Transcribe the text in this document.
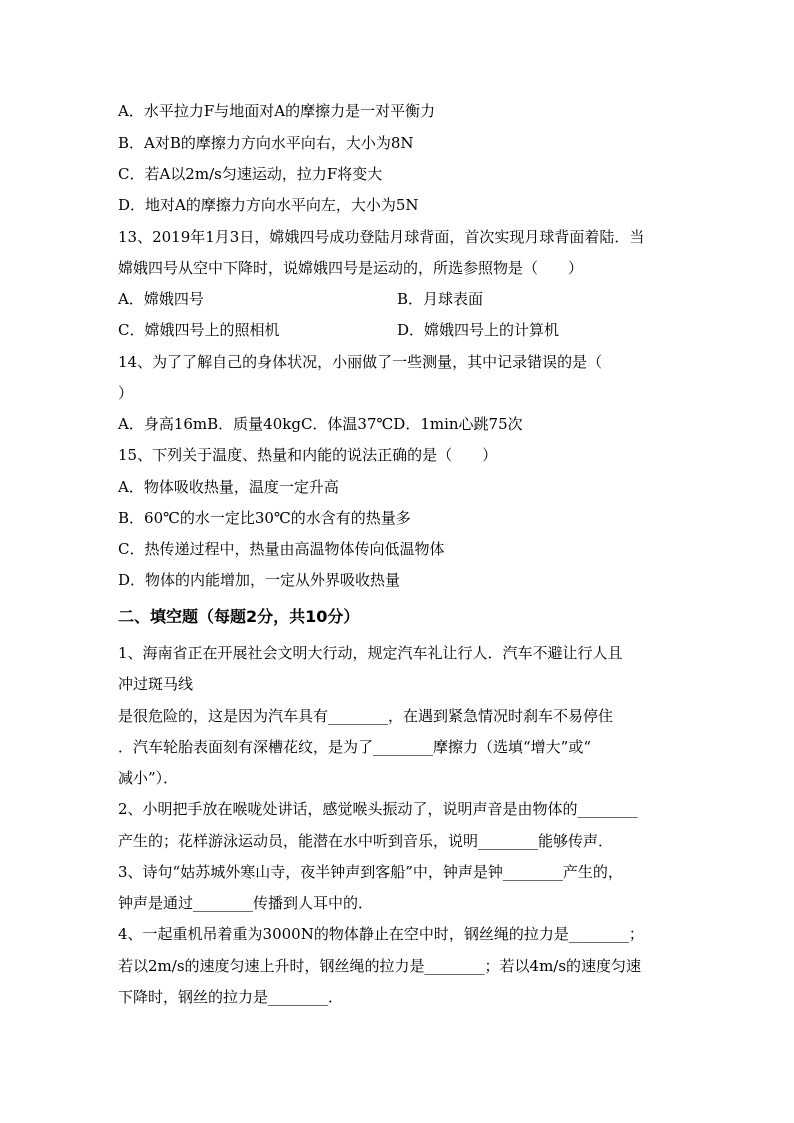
A．水平拉力F与地面对A的摩擦力是一对平衡力
B．A对B的摩擦力方向水平向右，大小为8N
C．若A以2m/s匀速运动，拉力F将变大
D．地对A的摩擦力方向水平向左，大小为5N
13、2019年1月3日，嫦娥四号成功登陆月球背面，首次实现月球背面着陆．当
嫦娥四号从空中下降时，说嫦娥四号是运动的，所选参照物是（　　）
A．嫦娥四号	B．月球表面
C．嫦娥四号上的照相机	D．嫦娥四号上的计算机
14、为了了解自己的身体状况，小丽做了一些测量，其中记录错误的是（
）
A．身高16mB．质量40kgC．体温37℃D．1min心跳75次
15、下列关于温度、热量和内能的说法正确的是（　　）
A．物体吸收热量，温度一定升高
B．60℃的水一定比30℃的水含有的热量多
C．热传递过程中，热量由高温物体传向低温物体
D．物体的内能增加，一定从外界吸收热量
二、填空题（每题2分，共10分）
1、海南省正在开展社会文明大行动，规定汽车礼让行人．汽车不避让行人且
冲过斑马线
是很危险的，这是因为汽车具有________，在遇到紧急情况时刹车不易停住
．汽车轮胎表面刻有深槽花纹，是为了________摩擦力（选填“增大”或“
减小”）．
2、小明把手放在喉咙处讲话，感觉喉头振动了，说明声音是由物体的________
产生的；花样游泳运动员，能潜在水中听到音乐，说明________能够传声．
3、诗句“姑苏城外寒山寺，夜半钟声到客船”中，钟声是钟________产生的，
钟声是通过________传播到人耳中的．
4、一起重机吊着重为3000N的物体静止在空中时，钢丝绳的拉力是________；
若以2m/s的速度匀速上升时，钢丝绳的拉力是________；若以4m/s的速度匀速
下降时，钢丝的拉力是________．
